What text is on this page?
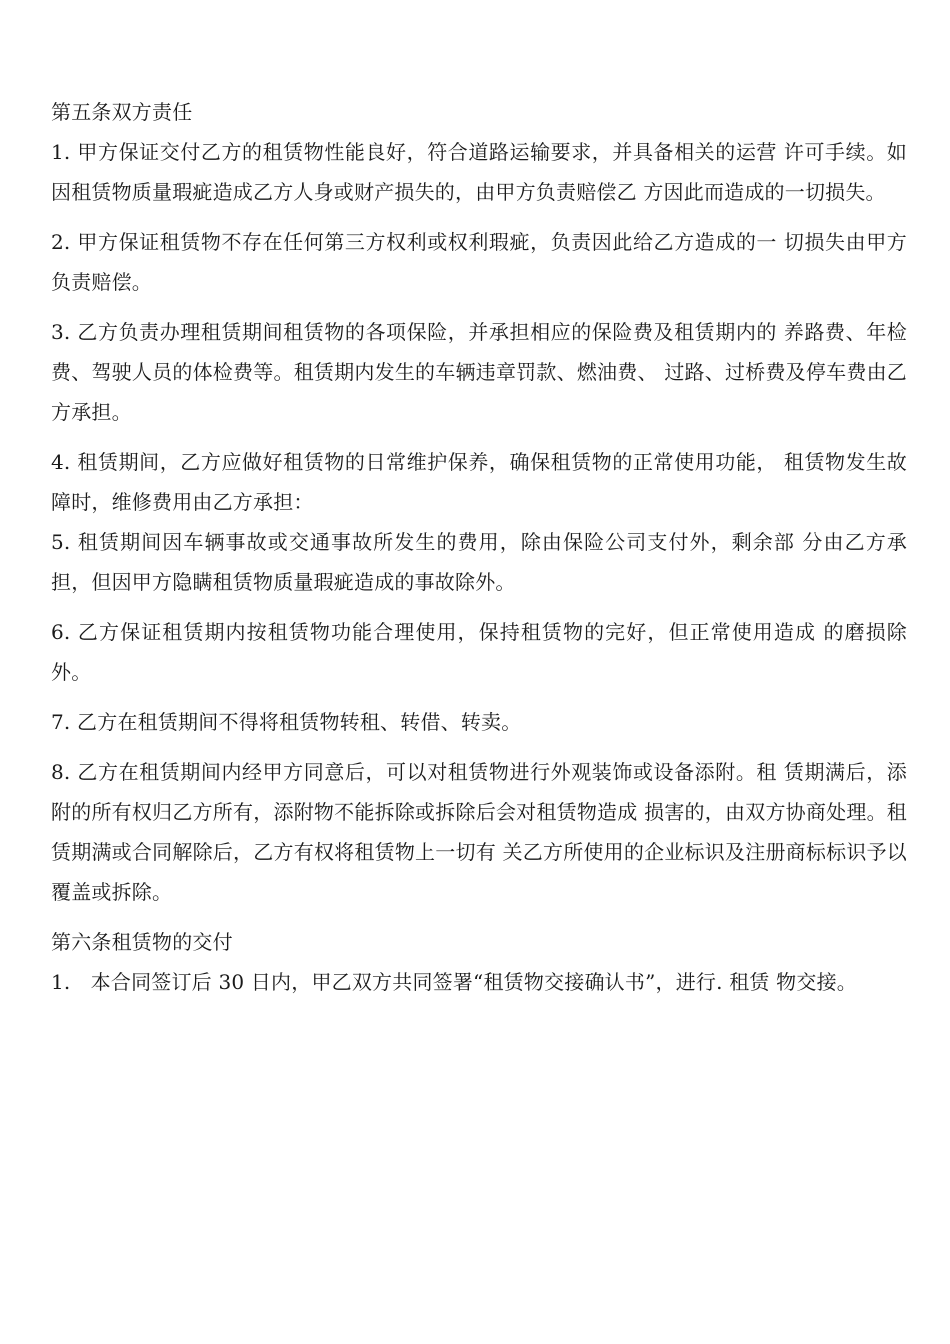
第五条双方责任

1. 甲方保证交付乙方的租赁物性能良好，符合道路运输要求，并具备相关的运营 许可手续。如因租赁物质量瑕疵造成乙方人身或财产损失的，由甲方负责赔偿乙 方因此而造成的一切损失。

2. 甲方保证租赁物不存在任何第三方权利或权利瑕疵，负责因此给乙方造成的一 切损失由甲方负责赔偿。

3. 乙方负责办理租赁期间租赁物的各项保险，并承担相应的保险费及租赁期内的 养路费、年检费、驾驶人员的体检费等。租赁期内发生的车辆违章罚款、燃油费、 过路、过桥费及停车费由乙方承担。

4. 租赁期间，乙方应做好租赁物的日常维护保养，确保租赁物的正常使用功能， 租赁物发生故障时，维修费用由乙方承担：

5. 租赁期间因车辆事故或交通事故所发生的费用，除由保险公司支付外，剩余部 分由乙方承担，但因甲方隐瞒租赁物质量瑕疵造成的事故除外。

6. 乙方保证租赁期内按租赁物功能合理使用，保持租赁物的完好，但正常使用造成 的磨损除外。

7. 乙方在租赁期间不得将租赁物转租、转借、转卖。

8. 乙方在租赁期间内经甲方同意后，可以对租赁物进行外观装饰或设备添附。租 赁期满后，添附的所有权归乙方所有，添附物不能拆除或拆除后会对租赁物造成 损害的，由双方协商处理。租赁期满或合同解除后，乙方有权将租赁物上一切有 关乙方所使用的企业标识及注册商标标识予以覆盖或拆除。

第六条租赁物的交付

1.　本合同签订后 30 日内，甲乙双方共同签署“租赁物交接确认书”，进行. 租赁 物交接。
